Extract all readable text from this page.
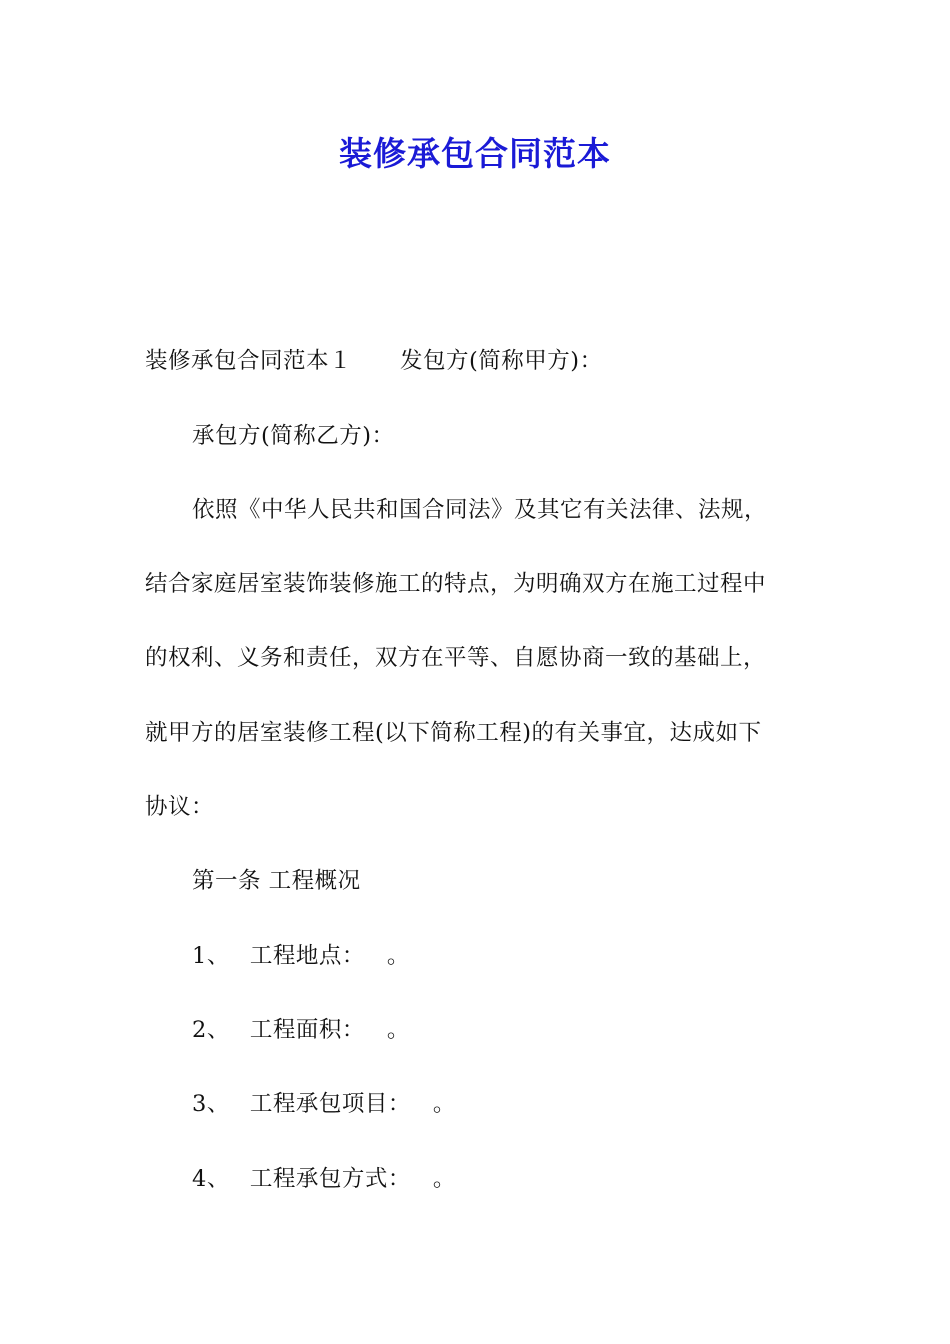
装修承包合同范本
装修承包合同范本１ 发包方(简称甲方)：
承包方(简称乙方)：
依照《中华人民共和国合同法》及其它有关法律、法规，
结合家庭居室装饰装修施工的特点，为明确双方在施工过程中
的权利、义务和责任，双方在平等、自愿协商一致的基础上，
就甲方的居室装修工程(以下简称工程)的有关事宜，达成如下
协议：
第一条 工程概况
1、 工程地点： 。
2、 工程面积： 。
3、 工程承包项目： 。
4、 工程承包方式： 。
